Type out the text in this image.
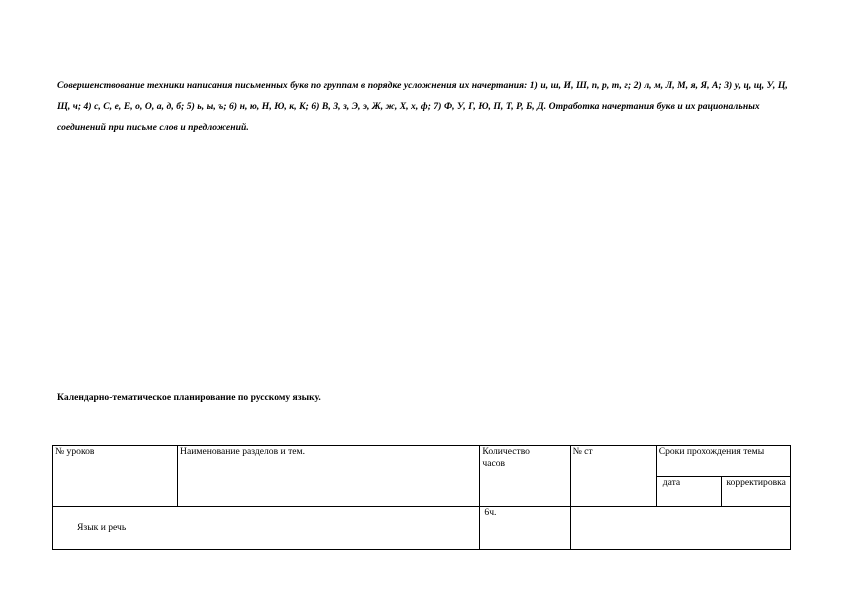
Совершенствование техники написания письменных букв по группам в порядке усложнения их начертания: 1) и, ш, И, Ш, п, р, т, г; 2) л, м, Л, М, я, Я, А; 3) у, ц, щ, У, Ц, Щ, ч; 4) с, С, е, Е, о, О, а, д, б; 5) ь, ы, ъ; 6) н, ю, Н, Ю, к, К; 6) В, З, з, Э, э, Ж, ж, Х, х, ф; 7) Ф, У, Г, Ю, П, Т, Р, Б, Д. Отработка начертания букв и их рациональных соединений при письме слов и предложений.

Календарно-тематическое планирование по русскому языку.
№ уроков	Наименование разделов и тем.	Количество часов	№ ст	Сроки прохождения темы	
				дата	корректировка

Язык и речь		6ч.			
